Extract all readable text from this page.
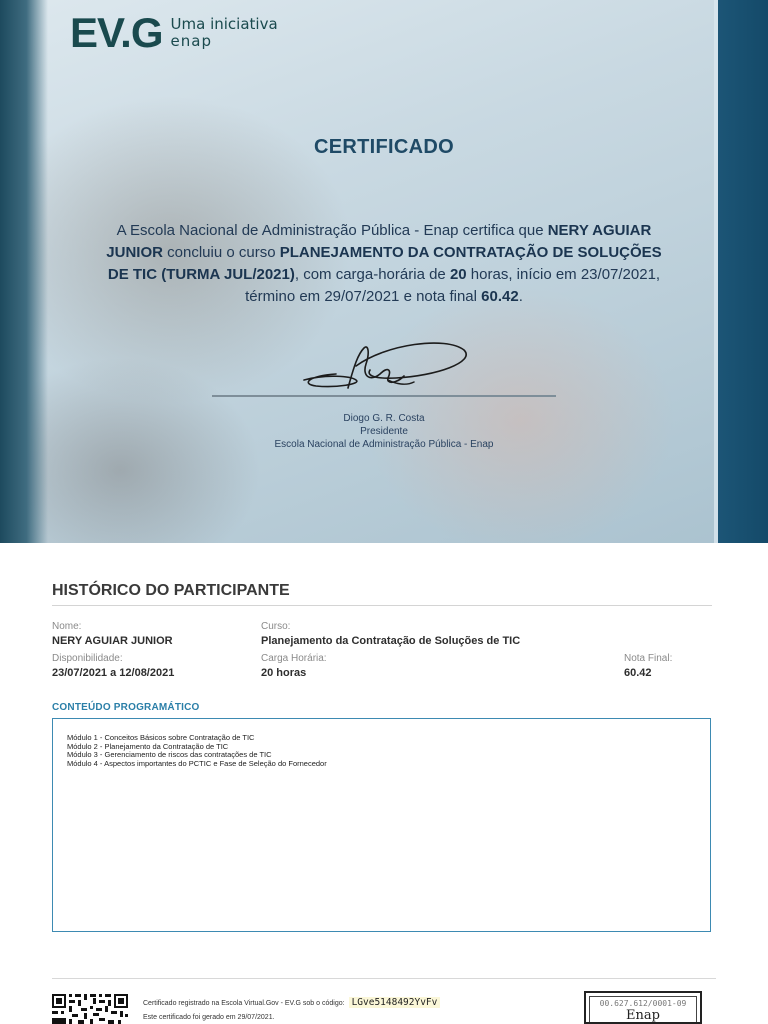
EV.G Uma iniciativa
enap
CERTIFICADO

A Escola Nacional de Administração Pública - Enap certifica que NERY AGUIAR JUNIOR concluiu o curso PLANEJAMENTO DA CONTRATAÇÃO DE SOLUÇÕES DE TIC (TURMA JUL/2021), com carga-horária de 20 horas, início em 23/07/2021, término em 29/07/2021 e nota final 60.42.

Diogo G. R. Costa
Presidente
Escola Nacional de Administração Pública - Enap
HISTÓRICO DO PARTICIPANTE
Nome:
NERY AGUIAR JUNIOR
Curso:
Planejamento da Contratação de Soluções de TIC
Disponibilidade:
23/07/2021 a 12/08/2021
Carga Horária:
20 horas
Nota Final:
60.42
CONTEÚDO PROGRAMÁTICO
Módulo 1 - Conceitos Básicos sobre Contratação de TIC
Módulo 2 - Planejamento da Contratação de TIC
Módulo 3 - Gerenciamento de riscos das contratações de TIC
Módulo 4 - Aspectos importantes do PCTIC e Fase de Seleção do Fornecedor
Certificado registrado na Escola Virtual.Gov - EV.G sob o código: LGve5148492YvFv
Este certificado foi gerado em 29/07/2021.
00.627.612/0001-09
Enap
